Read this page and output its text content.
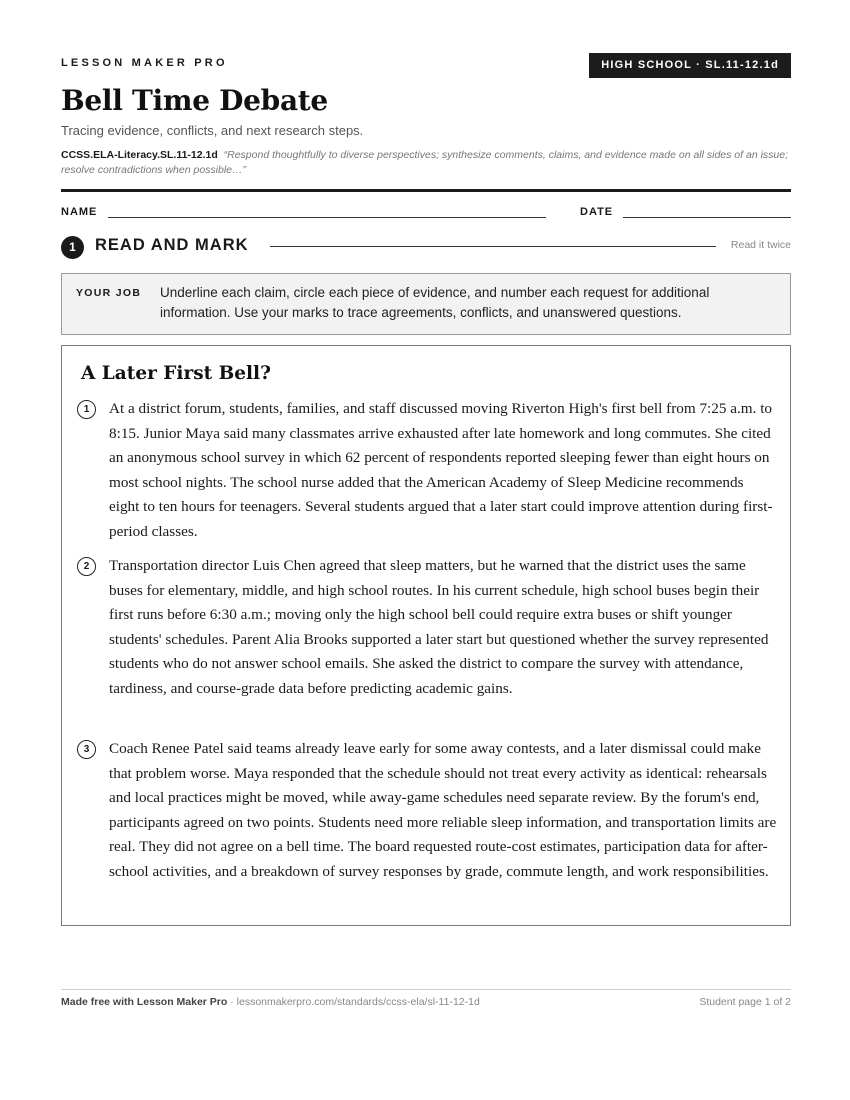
LESSON MAKER PRO	HIGH SCHOOL · SL.11-12.1d
Bell Time Debate
Tracing evidence, conflicts, and next research steps.
CCSS.ELA-Literacy.SL.11-12.1d “Respond thoughtfully to diverse perspectives; synthesize comments, claims, and evidence made on all sides of an issue; resolve contradictions when possible…”
NAME	DATE
1	READ AND MARK	Read it twice
YOUR JOB Underline each claim, circle each piece of evidence, and number each request for additional information. Use your marks to trace agreements, conflicts, and unanswered questions.
A Later First Bell?
1	At a district forum, students, families, and staff discussed moving Riverton High's first bell from 7:25 a.m. to 8:15. Junior Maya said many classmates arrive exhausted after late homework and long commutes. She cited an anonymous school survey in which 62 percent of respondents reported sleeping fewer than eight hours on most school nights. The school nurse added that the American Academy of Sleep Medicine recommends eight to ten hours for teenagers. Several students argued that a later start could improve attention during first-period classes.

2	Transportation director Luis Chen agreed that sleep matters, but he warned that the district uses the same buses for elementary, middle, and high school routes. In his current schedule, high school buses begin their first runs before 6:30 a.m.; moving only the high school bell could require extra buses or shift younger students' schedules. Parent Alia Brooks supported a later start but questioned whether the survey represented students who do not answer school emails. She asked the district to compare the survey with attendance, tardiness, and course-grade data before predicting academic gains.

3	Coach Renee Patel said teams already leave early for some away contests, and a later dismissal could make that problem worse. Maya responded that the schedule should not treat every activity as identical: rehearsals and local practices might be moved, while away-game schedules need separate review. By the forum's end, participants agreed on two points. Students need more reliable sleep information, and transportation limits are real. They did not agree on a bell time. The board requested route-cost estimates, participation data for after-school activities, and a breakdown of survey responses by grade, commute length, and work responsibilities.

Made free with Lesson Maker Pro · lessonmakerpro.com/standards/ccss-ela/sl-11-12-1d	Student page 1 of 2
